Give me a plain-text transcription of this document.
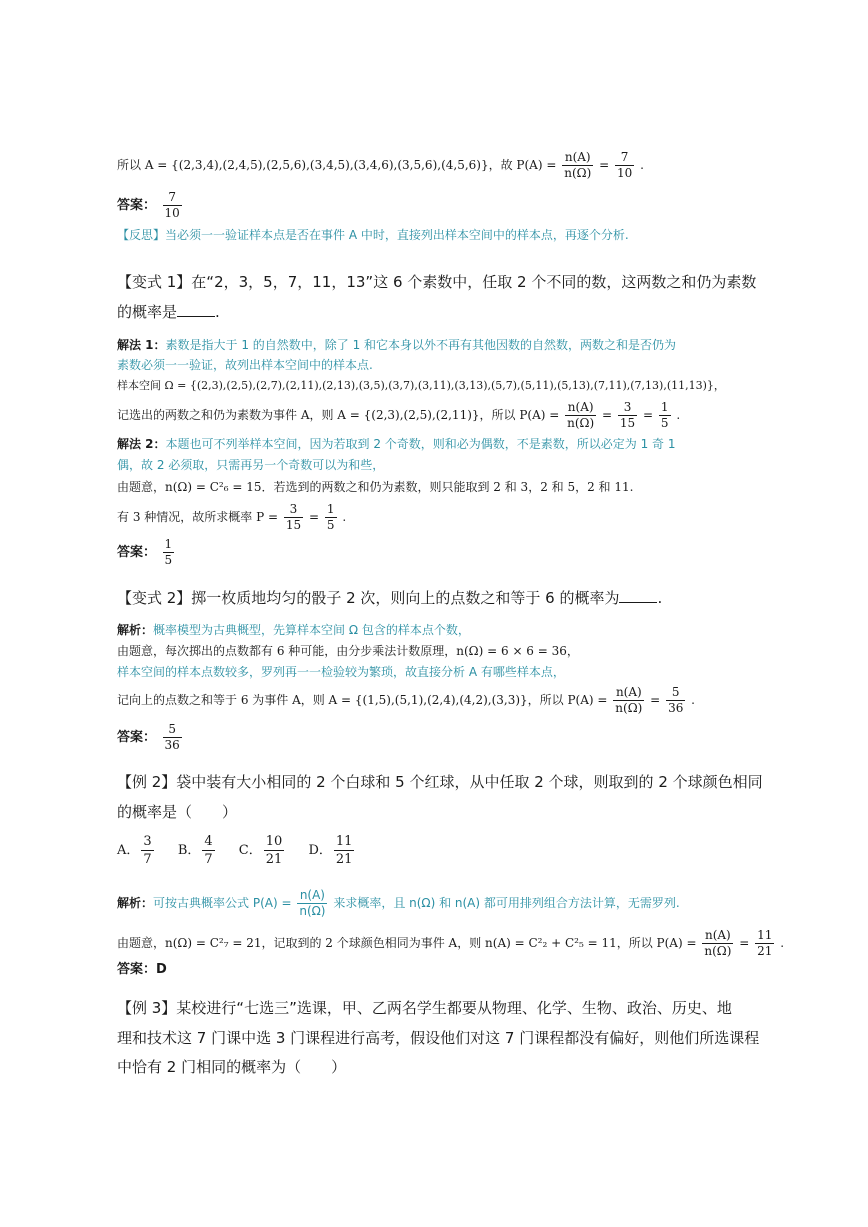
所以 A = {(2,3,4),(2,4,5),(2,5,6),(3,4,5),(3,4,6),(3,5,6),(4,5,6)}，故 $P(A) = \frac{n(A)}{n(\Omega)} = \frac{7}{10}$ .
答案： $\frac{7}{10}$
【反思】当必须一一验证样本点是否在事件 A 中时，直接列出样本空间中的样本点，再逐个分析.
【变式 1】在“2，3，5，7，11，13”这 6 个素数中，任取 2 个不同的数，这两数之和仍为素数
的概率是	.
解法 1：素数是指大于 1 的自然数中，除了 1 和它本身以外不再有其他因数的自然数，两数之和是否仍为
素数必须一一验证，故列出样本空间中的样本点.
样本空间 Ω = {(2,3),(2,5),(2,7),(2,11),(2,13),(3,5),(3,7),(3,11),(3,13),(5,7),(5,11),(5,13),(7,11),(7,13),(11,13)}，
记选出的两数之和仍为素数为事件 A，则 A = {(2,3),(2,5),(2,11)}，所以 $P(A) = \frac{n(A)}{n(\Omega)} = \frac{3}{15} = \frac{1}{5}$ .
解法 2：本题也可不列举样本空间，因为若取到 2 个奇数，则和必为偶数，不是素数，所以必定为 1 奇 1
偶，故 2 必须取，只需再另一个奇数可以为和些，
由题意，n(Ω) = C²₆ = 15．若选到的两数之和仍为素数，则只能取到 2 和 3，2 和 5，2 和 11.
有 3 种情况，故所求概率 $P = \frac{3}{15} = \frac{1}{5}$ .
答案： $\frac{1}{5}$
【变式 2】掷一枚质地均匀的骰子 2 次，则向上的点数之和等于 6 的概率为	.
解析：概率模型为古典概型，先算样本空间 Ω 包含的样本点个数，
由题意，每次掷出的点数都有 6 种可能，由分步乘法计数原理，n(Ω) = 6 × 6 = 36，
样本空间的样本点数较多，罗列再一一检验较为繁琐，故直接分析 A 有哪些样本点，
记向上的点数之和等于 6 为事件 A，则 A = {(1,5),(5,1),(2,4),(4,2),(3,3)}，所以 $P(A) = \frac{n(A)}{n(\Omega)} = \frac{5}{36}$ .
答案： $\frac{5}{36}$
【例 2】袋中装有大小相同的 2 个白球和 5 个红球，从中任取 2 个球，则取到的 2 个球颜色相同
的概率是（　　）
A． $\frac{3}{7}$ B． $\frac{4}{7}$ C． $\frac{10}{21}$ D． $\frac{11}{21}$
解析：可按古典概率公式 $P(A) = \frac{n(A)}{n(\Omega)}$ 来求概率，且 n(Ω) 和 n(A) 都可用排列组合方法计算，无需罗列.
由题意，n(Ω) = C²₇ = 21，记取到的 2 个球颜色相同为事件 A，则 n(A) = C²₂ + C²₅ = 11，所以 $P(A) = \frac{n(A)}{n(\Omega)} = \frac{11}{21}$ .
答案：D
【例 3】某校进行“七选三”选课，甲、乙两名学生都要从物理、化学、生物、政治、历史、地
理和技术这 7 门课中选 3 门课程进行高考，假设他们对这 7 门课程都没有偏好，则他们所选课程
中恰有 2 门相同的概率为（　　）
